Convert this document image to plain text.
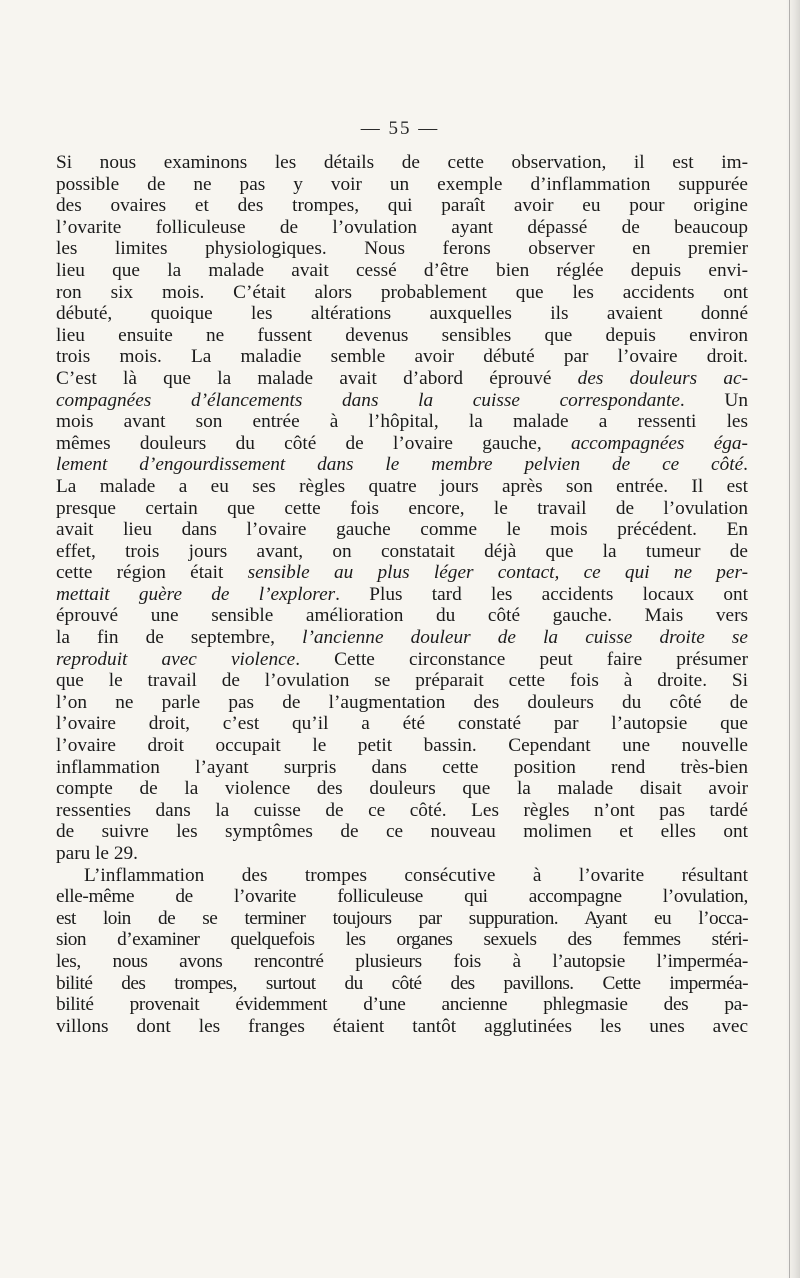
— 55 —
Si nous examinons les détails de cette observation, il est im-
possible de ne pas y voir un exemple d’inflammation suppurée
des ovaires et des trompes, qui paraît avoir eu pour origine
l’ovarite folliculeuse de l’ovulation ayant dépassé de beaucoup
les limites physiologiques. Nous ferons observer en premier
lieu que la malade avait cessé d’être bien réglée depuis envi-
ron six mois. C’était alors probablement que les accidents ont
débuté, quoique les altérations auxquelles ils avaient donné
lieu ensuite ne fussent devenus sensibles que depuis environ
trois mois. La maladie semble avoir débuté par l’ovaire droit.
C’est là que la malade avait d’abord éprouvé des douleurs ac-
compagnées d’élancements dans la cuisse correspondante. Un
mois avant son entrée à l’hôpital, la malade a ressenti les
mêmes douleurs du côté de l’ovaire gauche, accompagnées éga-
lement d’engourdissement dans le membre pelvien de ce côté.
La malade a eu ses règles quatre jours après son entrée. Il est
presque certain que cette fois encore, le travail de l’ovulation
avait lieu dans l’ovaire gauche comme le mois précédent. En
effet, trois jours avant, on constatait déjà que la tumeur de
cette région était sensible au plus léger contact, ce qui ne per-
mettait guère de l’explorer. Plus tard les accidents locaux ont
éprouvé une sensible amélioration du côté gauche. Mais vers
la fin de septembre, l’ancienne douleur de la cuisse droite se
reproduit avec violence. Cette circonstance peut faire présumer
que le travail de l’ovulation se préparait cette fois à droite. Si
l’on ne parle pas de l’augmentation des douleurs du côté de
l’ovaire droit, c’est qu’il a été constaté par l’autopsie que
l’ovaire droit occupait le petit bassin. Cependant une nouvelle
inflammation l’ayant surpris dans cette position rend très-bien
compte de la violence des douleurs que la malade disait avoir
ressenties dans la cuisse de ce côté. Les règles n’ont pas tardé
de suivre les symptômes de ce nouveau molimen et elles ont
paru le 29.
L’inflammation des trompes consécutive à l’ovarite résultant
elle-même de l’ovarite folliculeuse qui accompagne l’ovulation,
est loin de se terminer toujours par suppuration. Ayant eu l’occa-
sion d’examiner quelquefois les organes sexuels des femmes stéri-
les, nous avons rencontré plusieurs fois à l’autopsie l’imperméa-
bilité des trompes, surtout du côté des pavillons. Cette imperméa-
bilité provenait évidemment d’une ancienne phlegmasie des pa-
villons dont les franges étaient tantôt agglutinées les unes avec
